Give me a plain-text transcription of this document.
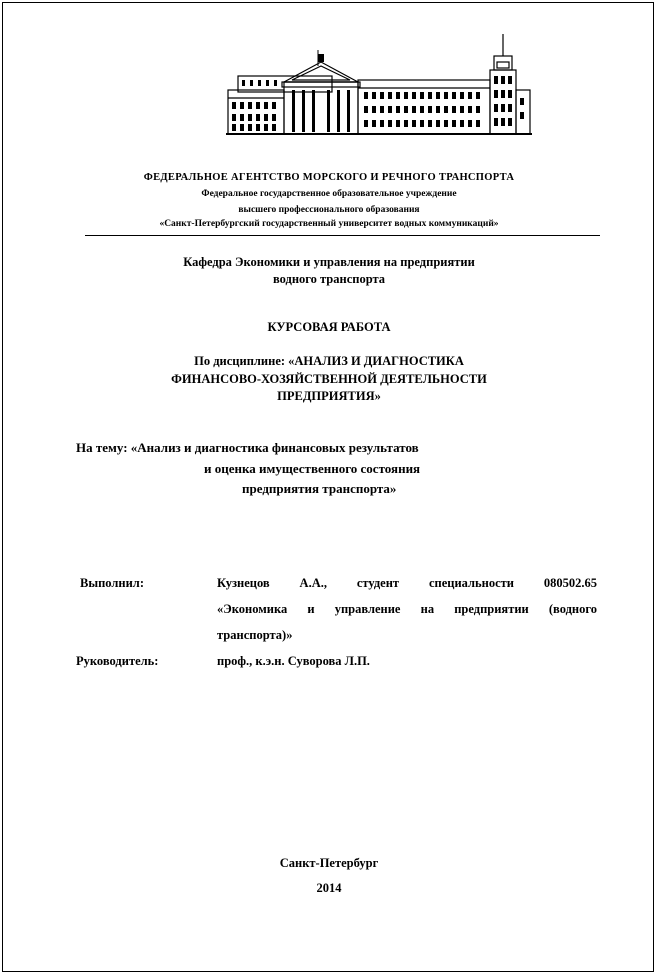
ФЕДЕРАЛЬНОЕ АГЕНТСТВО МОРСКОГО И РЕЧНОГО ТРАНСПОРТА
Федеральное государственное образовательное учреждение
высшего профессионального образования
«Санкт-Петербургский государственный университет водных коммуникаций»
Кафедра Экономики и управления на предприятии
водного транспорта
КУРСОВАЯ РАБОТА
По дисциплине: «АНАЛИЗ И ДИАГНОСТИКА
ФИНАНСОВО-ХОЗЯЙСТВЕННОЙ ДЕЯТЕЛЬНОСТИ
ПРЕДПРИЯТИЯ»
На тему: «Анализ и диагностика финансовых результатов
и оценка имущественного состояния
предприятия транспорта»
Выполнил:	Кузнецов А.А., студент специальности 080502.65
«Экономика и управление на предприятии (водного
транспорта)»
Руководитель:	проф., к.э.н. Суворова Л.П.
Санкт-Петербург
2014
